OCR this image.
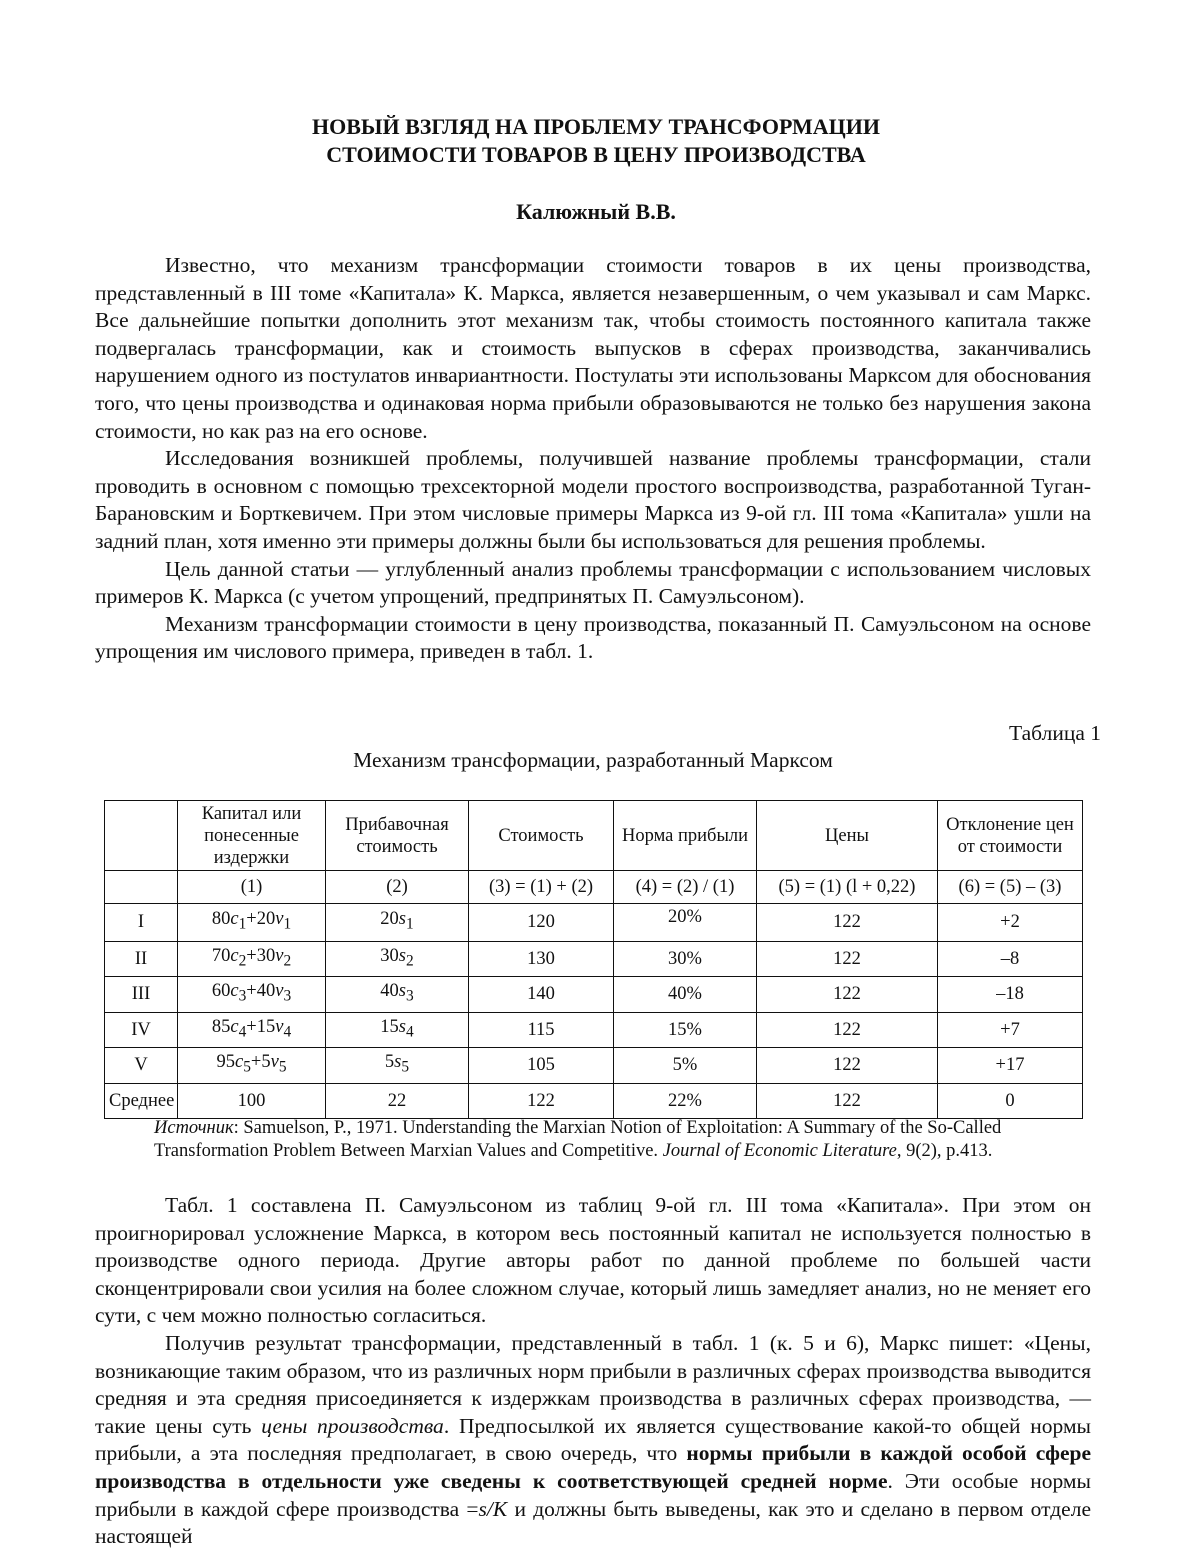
НОВЫЙ ВЗГЛЯД НА ПРОБЛЕМУ ТРАНСФОРМАЦИИ
СТОИМОСТИ ТОВАРОВ В ЦЕНУ ПРОИЗВОДСТВА
Калюжный В.В.

Известно, что механизм трансформации стоимости товаров в их цены производства, представленный в III томе «Капитала» К. Маркса, является незавершенным, о чем указывал и сам Маркс. Все дальнейшие попытки дополнить этот механизм так, чтобы стоимость постоянного капитала также подвергалась трансформации, как и стоимость выпусков в сферах производства, заканчивались нарушением одного из постулатов инвариантности. Постулаты эти использованы Марксом для обоснования того, что цены производства и одинаковая норма прибыли образовываются не только без нарушения закона стоимости, но как раз на его основе.

Исследования возникшей проблемы, получившей название проблемы трансформации, стали проводить в основном с помощью трехсекторной модели простого воспроизводства, разработанной Туган-Барановским и Борткевичем. При этом числовые примеры Маркса из 9-ой гл. III тома «Капитала» ушли на задний план, хотя именно эти примеры должны были бы использоваться для решения проблемы.

Цель данной статьи — углубленный анализ проблемы трансформации с использованием числовых примеров К. Маркса (с учетом упрощений, предпринятых П. Самуэльсоном).

Механизм трансформации стоимости в цену производства, показанный П. Самуэльсоном на основе упрощения им числового примера, приведен в табл. 1.

Таблица 1
Механизм трансформации, разработанный Марксом
	Капитал или понесенные издержки	Прибавочная стоимость	Стоимость	Норма прибыли	Цены	Отклонение цен от стоимости
	(1)	(2)	(3) = (1) + (2)	(4) = (2) / (1)	(5) = (1) (l + 0,22)	(6) = (5) – (3)
I	$80c_1+20v_1$	$20s_1$	120	20%	122	+2
II	$70c_2+30v_2$	$30s_2$	130	30%	122	–8
III	$60c_3+40v_3$	$40s_3$	140	40%	122	–18
IV	$85c_4+15v_4$	$15s_4$	115	15%	122	+7
V	$95c_5+5v_5$	$5s_5$	105	5%	122	+17
Среднее	100	22	122	22%	122	0
Источник: Samuelson, P., 1971. Understanding the Marxian Notion of Exploitation: A Summary of the So-Called Transformation Problem Between Marxian Values and Competitive. Journal of Economic Literature, 9(2), p.413.

Табл. 1 составлена П. Самуэльсоном из таблиц 9-ой гл. III тома «Капитала». При этом он проигнорировал усложнение Маркса, в котором весь постоянный капитал не используется полностью в производстве одного периода. Другие авторы работ по данной проблеме по большей части сконцентрировали свои усилия на более сложном случае, который лишь замедляет анализ, но не меняет его сути, с чем можно полностью согласиться.

Получив результат трансформации, представленный в табл. 1 (к. 5 и 6), Маркс пишет: «Цены, возникающие таким образом, что из различных норм прибыли в различных сферах производства выводится средняя и эта средняя присоединяется к издержкам производства в различных сферах производства, — такие цены суть цены производства. Предпосылкой их является существование какой-то общей нормы прибыли, а эта последняя предполагает, в свою очередь, что нормы прибыли в каждой особой сфере производства в отдельности уже сведены к соответствующей средней норме. Эти особые нормы прибыли в каждой сфере производства =s/K и должны быть выведены, как это и сделано в первом отделе настоящей
